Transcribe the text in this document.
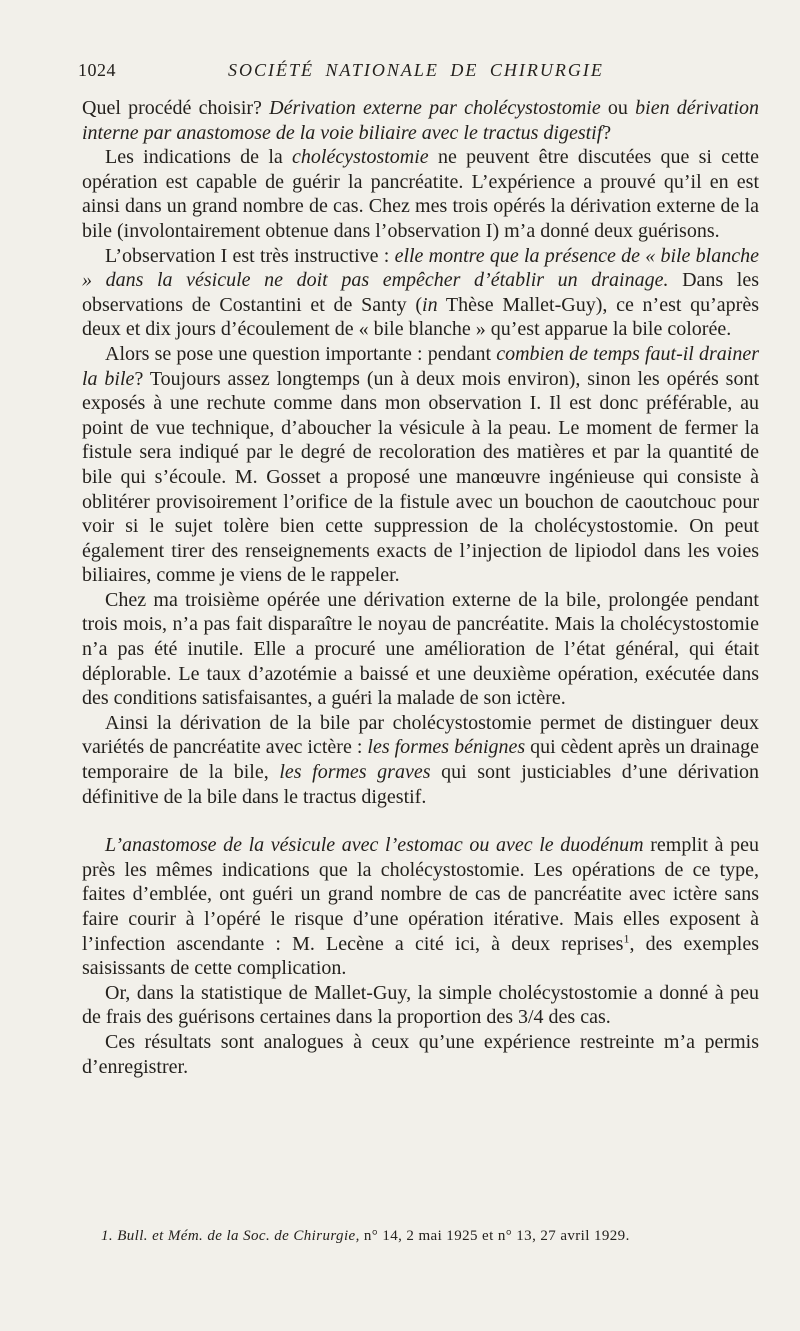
1024	SOCIÉTÉ NATIONALE DE CHIRURGIE

Quel procédé choisir? Dérivation externe par cholécystostomie ou bien dérivation interne par anastomose de la voie biliaire avec le tractus digestif?

Les indications de la cholécystostomie ne peuvent être discutées que si cette opération est capable de guérir la pancréatite. L’expérience a prouvé qu’il en est ainsi dans un grand nombre de cas. Chez mes trois opérés la dérivation externe de la bile (involontairement obtenue dans l’observation I) m’a donné deux guérisons.

L’observation I est très instructive : elle montre que la présence de « bile blanche » dans la vésicule ne doit pas empêcher d’établir un drainage. Dans les observations de Costantini et de Santy (in Thèse Mallet-Guy), ce n’est qu’après deux et dix jours d’écoulement de « bile blanche » qu’est apparue la bile colorée.

Alors se pose une question importante : pendant combien de temps faut-il drainer la bile? Toujours assez longtemps (un à deux mois environ), sinon les opérés sont exposés à une rechute comme dans mon observation I. Il est donc préférable, au point de vue technique, d’aboucher la vésicule à la peau. Le moment de fermer la fistule sera indiqué par le degré de recoloration des matières et par la quantité de bile qui s’écoule. M. Gosset a proposé une manœuvre ingénieuse qui consiste à oblitérer provisoirement l’orifice de la fistule avec un bouchon de caoutchouc pour voir si le sujet tolère bien cette suppression de la cholécystostomie. On peut également tirer des renseignements exacts de l’injection de lipiodol dans les voies biliaires, comme je viens de le rappeler.

Chez ma troisième opérée une dérivation externe de la bile, prolongée pendant trois mois, n’a pas fait disparaître le noyau de pancréatite. Mais la cholécystostomie n’a pas été inutile. Elle a procuré une amélioration de l’état général, qui était déplorable. Le taux d’azotémie a baissé et une deuxième opération, exécutée dans des conditions satisfaisantes, a guéri la malade de son ictère.

Ainsi la dérivation de la bile par cholécystostomie permet de distinguer deux variétés de pancréatite avec ictère : les formes bénignes qui cèdent après un drainage temporaire de la bile, les formes graves qui sont justiciables d’une dérivation définitive de la bile dans le tractus digestif.

L’anastomose de la vésicule avec l’estomac ou avec le duodénum remplit à peu près les mêmes indications que la cholécystostomie. Les opérations de ce type, faites d’emblée, ont guéri un grand nombre de cas de pancréatite avec ictère sans faire courir à l’opéré le risque d’une opération itérative. Mais elles exposent à l’infection ascendante : M. Lecène a cité ici, à deux reprises$^1$, des exemples saisissants de cette complication.

Or, dans la statistique de Mallet-Guy, la simple cholécystostomie a donné à peu de frais des guérisons certaines dans la proportion des 3/4 des cas.

Ces résultats sont analogues à ceux qu’une expérience restreinte m’a permis d’enregistrer.

1. Bull. et Mém. de la Soc. de Chirurgie, n° 14, 2 mai 1925 et n° 13, 27 avril 1929.
